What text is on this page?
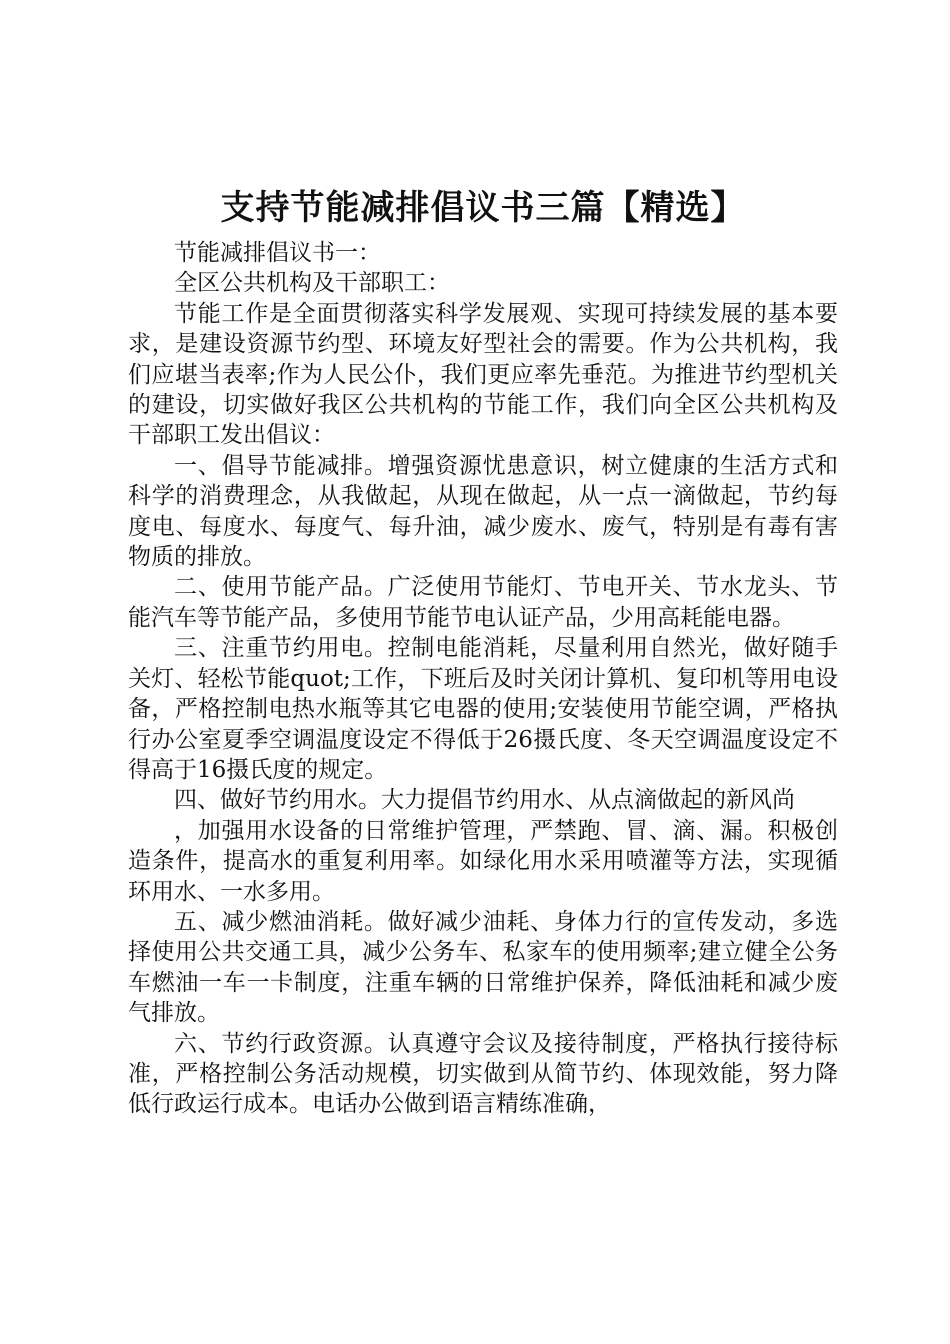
支持节能减排倡议书三篇【精选】

节能减排倡议书一：

全区公共机构及干部职工：

节能工作是全面贯彻落实科学发展观、实现可持续发展的基本要求，是建设资源节约型、环境友好型社会的需要。作为公共机构，我们应堪当表率;作为人民公仆，我们更应率先垂范。为推进节约型机关的建设，切实做好我区公共机构的节能工作，我们向全区公共机构及干部职工发出倡议：

一、倡导节能减排。增强资源忧患意识，树立健康的生活方式和科学的消费理念，从我做起，从现在做起，从一点一滴做起，节约每度电、每度水、每度气、每升油，减少废水、废气，特别是有毒有害物质的排放。

二、使用节能产品。广泛使用节能灯、节电开关、节水龙头、节能汽车等节能产品，多使用节能节电认证产品，少用高耗能电器。

三、注重节约用电。控制电能消耗，尽量利用自然光，做好随手关灯、轻松节能quot;工作，下班后及时关闭计算机、复印机等用电设备，严格控制电热水瓶等其它电器的使用;安装使用节能空调，严格执行办公室夏季空调温度设定不得低于26摄氏度、冬天空调温度设定不得高于16摄氏度的规定。

四、做好节约用水。大力提倡节约用水、从点滴做起的新风尚

，加强用水设备的日常维护管理，严禁跑、冒、滴、漏。积极创造条件，提高水的重复利用率。如绿化用水采用喷灌等方法，实现循环用水、一水多用。

五、减少燃油消耗。做好减少油耗、身体力行的宣传发动，多选择使用公共交通工具，减少公务车、私家车的使用频率;建立健全公务车燃油一车一卡制度，注重车辆的日常维护保养，降低油耗和减少废气排放。

六、节约行政资源。认真遵守会议及接待制度，严格执行接待标准，严格控制公务活动规模，切实做到从简节约、体现效能，努力降低行政运行成本。电话办公做到语言精练准确，
